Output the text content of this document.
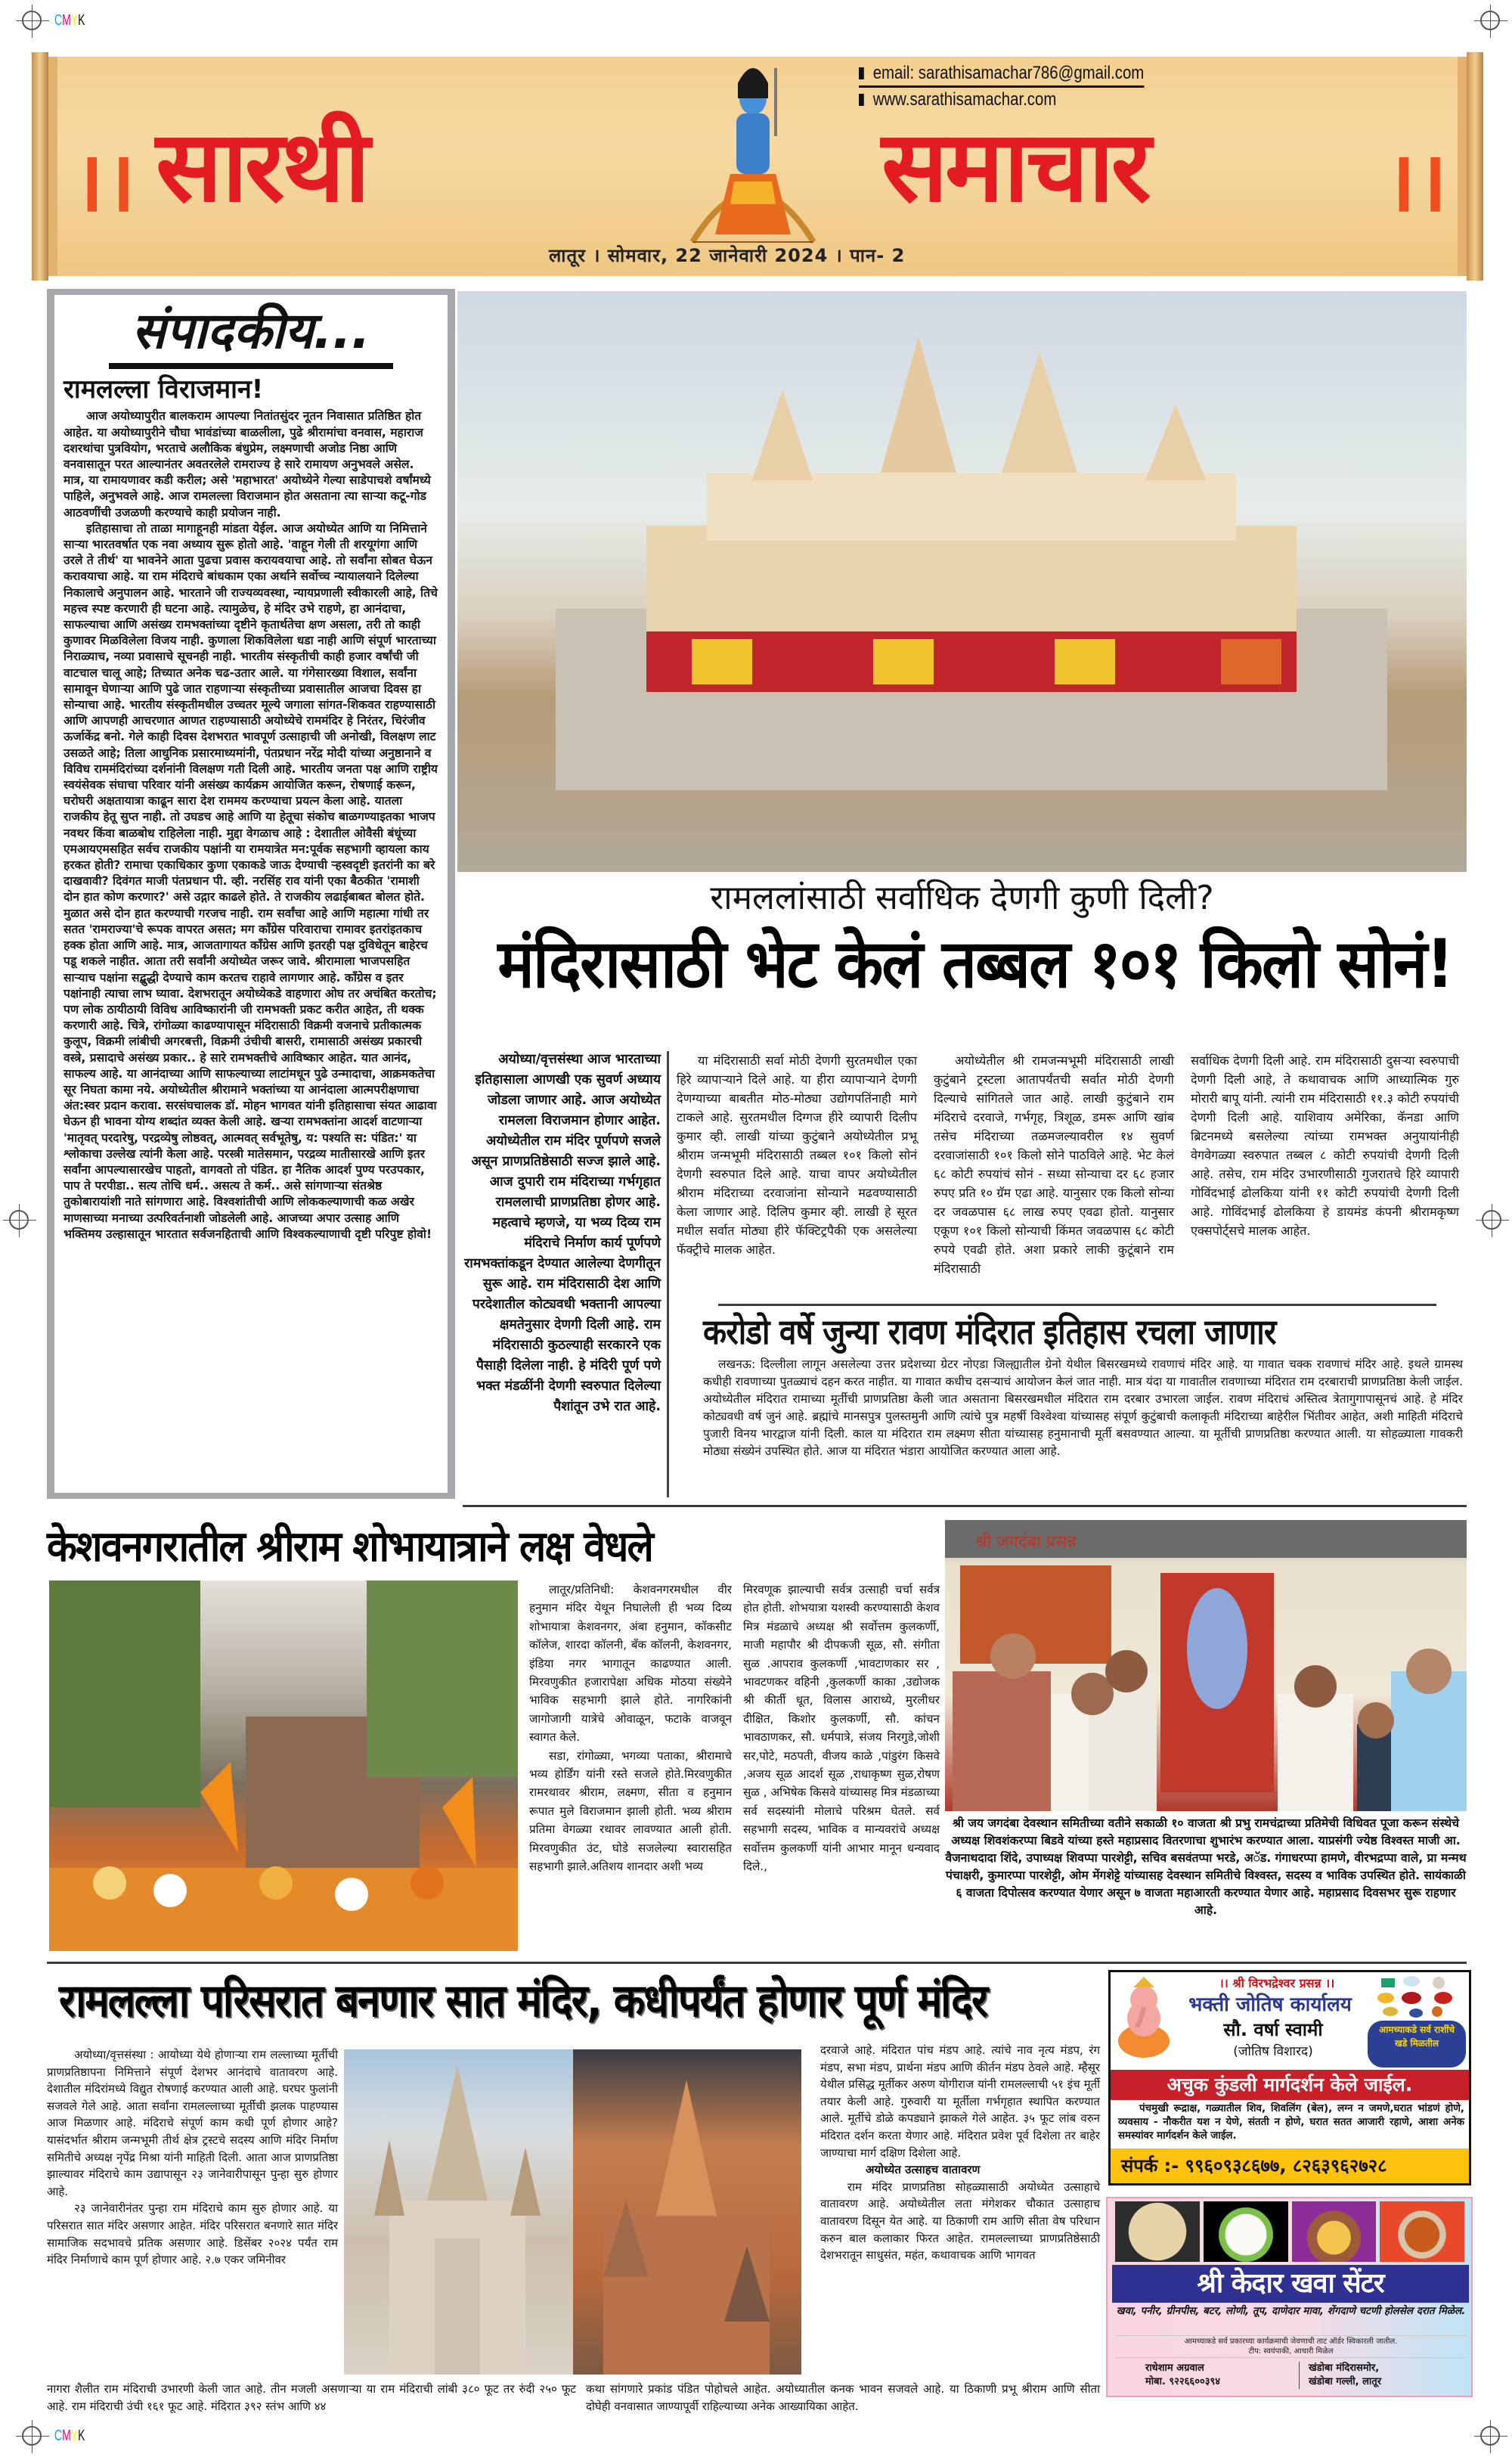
CMYK
CMYK
।। सारथी
email: sarathisamachar786@gmail.com
www.sarathisamachar.com
समाचार	।।
लातूर । सोमवार, 22 जानेवारी 2024 । पान- 2
संपादकीय...
रामलल्ला विराजमान!

आज अयोध्यापुरीत बालकराम आपल्या नितांतसुंदर नूतन निवासात प्रतिष्ठित होत आहेत. या अयोध्यापुरीने चौघा भावंडांच्या बाळलीला, पुढे श्रीरामांचा वनवास, महाराज दशरथांचा पुत्रवियोग, भरताचे अलौकिक बंधुप्रेम, लक्ष्मणाची अजोड निष्ठा आणि वनवासातून परत आल्यानंतर अवतरलेले रामराज्य हे सारे रामायण अनुभवले असेल. मात्र, या रामायणावर कडी करील; असे 'महाभारत' अयोध्येने गेल्या साडेपाचशे वर्षांमध्ये पाहिले, अनुभवले आहे. आज रामलल्ला विराजमान होत असताना त्या साऱ्या कटू-गोड आठवणींची उजळणी करण्याचे काही प्रयोजन नाही.

इतिहासाचा तो ताळा मागाहूनही मांडता येईल. आज अयोध्येत आणि या निमित्ताने साऱ्या भारतवर्षात एक नवा अध्याय सुरू होतो आहे. 'वाहून गेली ती शरयूगंगा आणि उरले ते तीर्थ' या भावनेने आता पुढचा प्रवास करायवयाचा आहे. तो सर्वांना सोबत घेऊन करावयाचा आहे. या राम मंदिराचे बांधकाम एका अर्थाने सर्वोच्च न्यायालयाने दिलेल्या निकालाचे अनुपालन आहे. भारताने जी राज्यव्यवस्था, न्यायप्रणाली स्वीकारली आहे, तिचे महत्त्व स्पष्ट करणारी ही घटना आहे. त्यामुळेच, हे मंदिर उभे राहणे, हा आनंदाचा, साफल्याचा आणि असंख्य रामभक्तांच्या दृष्टीने कृतार्थतेचा क्षण असला, तरी तो काही कुणावर मिळविलेला विजय नाही. कुणाला शिकविलेला धडा नाही आणि संपूर्ण भारताच्या निराळ्याच, नव्या प्रवासाचे सूचनही नाही. भारतीय संस्कृतीची काही हजार वर्षांची जी वाटचाल चालू आहे; तिच्यात अनेक चढ-उतार आले. या गंगेसारख्या विशाल, सर्वांना सामावून घेणाऱ्या आणि पुढे जात राहणाऱ्या संस्कृतीच्या प्रवासातील आजचा दिवस हा सोन्याचा आहे. भारतीय संस्कृतीमधील उच्चतर मूल्ये जगाला सांगत-शिकवत राहण्यासाठी आणि आपणही आचरणात आणत राहण्यासाठी अयोध्येचे राममंदिर हे निरंतर, चिरंजीव ऊर्जाकेंद्र बनो. गेले काही दिवस देशभरात भावपूर्ण उत्साहाची जी अनोखी, विलक्षण लाट उसळते आहे; तिला आधुनिक प्रसारमाध्यमांनी, पंतप्रधान नरेंद्र मोदी यांच्या अनुष्ठानाने व विविध राममंदिरांच्या दर्शनांनी विलक्षण गती दिली आहे. भारतीय जनता पक्ष आणि राष्ट्रीय स्वयंसेवक संघाचा परिवार यांनी असंख्य कार्यक्रम आयोजित करून, रोषणाई करून, घरोघरी अक्षतायात्रा काढून सारा देश राममय करण्याचा प्रयत्न केला आहे. यातला राजकीय हेतू सुप्त नाही. तो उघडच आहे आणि या हेतूचा संकोच बाळगण्याइतका भाजप नवथर किंवा बाळबोध राहिलेला नाही. मुद्दा वेगळाच आहे : देशातील ओवैसी बंधूंच्या एमआयएमसहित सर्वच राजकीय पक्षांनी या रामयात्रेत मन:पूर्वक सहभागी व्हायला काय हरकत होती? रामाचा एकाधिकार कुणा एकाकडे जाऊ देण्याची ऱ्हस्वदृष्टी इतरांनी का बरे दाखवावी? दिवंगत माजी पंतप्रधान पी. व्ही. नरसिंह राव यांनी एका बैठकीत 'रामाशी दोन हात कोण करणार?' असे उद्गार काढले होते. ते राजकीय लढाईबाबत बोलत होते. मुळात असे दोन हात करण्याची गरजच नाही. राम सर्वांचा आहे आणि महात्मा गांधी तर सतत 'रामराज्या'चे रूपक वापरत असत; मग काँग्रेस परिवाराचा रामावर इतरांइतकाच हक्क होता आणि आहे. मात्र, आजतागायत काँग्रेस आणि इतरही पक्ष दुविधेतून बाहेरच पडू शकले नाहीत. आता तरी सर्वांनी अयोध्येत जरूर जावे. श्रीरामाला भाजपसहित साऱ्याच पक्षांना सद्बुद्धी देण्याचे काम करतच राहावे लागणार आहे. काँग्रेस व इतर पक्षांनाही त्याचा लाभ घ्यावा. देशभरातून अयोध्येकडे वाहणारा ओघ तर अचंबित करतोच; पण लोक ठायीठायी विविध आविष्कारांनी जी रामभक्ती प्रकट करीत आहेत, ती थक्क करणारी आहे. चित्रे, रांगोळ्या काढण्यापासून मंदिरासाठी विक्रमी वजनाचे प्रतीकात्मक कुलूप, विक्रमी लांबीची अगरबत्ती, विक्रमी उंचीची बासरी, रामासाठी असंख्य प्रकारची वस्त्रे, प्रसादाचे असंख्य प्रकार.. हे सारे रामभक्तीचे आविष्कार आहेत. यात आनंद, साफल्य आहे. या आनंदाच्या आणि साफल्याच्या लाटांमधून पुढे उन्मादाचा, आक्रमकतेचा सूर निघता कामा नये. अयोध्येतील श्रीरामाने भक्तांच्या या आनंदाला आत्मपरीक्षणाचा अंत:स्वर प्रदान करावा. सरसंघचालक डॉ. मोहन भागवत यांनी इतिहासाचा संयत आढावा घेऊन ही भावना योग्य शब्दांत व्यक्त केली आहे. खऱ्या रामभक्तांना आदर्श वाटणाऱ्या 'मातृवत् परदारेषु, परद्रव्येषु लोष्ठवत्, आत्मवत् सर्वभूतेषु, य: पश्यति स: पंडित:' या श्लोकाचा उल्लेख त्यांनी केला आहे. परस्त्री मातेसमान, परद्रव्य मातीसारखे आणि इतर सर्वांना आपल्यासारखेच पाहतो, वागवतो तो पंडित. हा नैतिक आदर्श पुण्य परउपकार, पाप ते परपीडा.. सत्य तोचि धर्म.. असत्य ते कर्म.. असे सांगणाऱ्या संतश्रेष्ठ तुकोबारायांशी नाते सांगणारा आहे. विश्वशांतीची आणि लोककल्याणाची कळ अखेर माणसाच्या मनाच्या उत्परिवर्तनाशी जोडलेली आहे. आजच्या अपार उत्साह आणि भक्तिमय उल्हासातून भारतात सर्वजनहिताची आणि विश्वकल्याणाची दृष्टी परिपुष्ट होवो!

रामललांसाठी सर्वाधिक देणगी कुणी दिली?
मंदिरासाठी भेट केलं तब्बल १०१ किलो सोनं!
अयोध्या/वृत्तसंस्था आज भारताच्या इतिहासाला आणखी एक सुवर्ण अध्याय जोडला जाणार आहे. आज अयोध्येत रामलला विराजमान होणार आहेत. अयोध्येतील राम मंदिर पूर्णपणे सजले असून प्राणप्रतिष्ठेसाठी सज्ज झाले आहे. आज दुपारी राम मंदिराच्या गर्भगृहात रामललाची प्राणप्रतिष्ठा होणर आहे. महत्वाचे म्हणजे, या भव्य दिव्य राम मंदिराचे निर्माण कार्य पूर्णपणे रामभक्तांकडून देण्यात आलेल्या देणगीतून सुरू आहे. राम मंदिरासाठी देश आणि परदेशातील कोट्यवधी भक्तानी आपल्या क्षमतेनुसार देणगी दिली आहे. राम मंदिरासाठी कुठल्याही सरकारने एक पैसाही दिलेला नाही. हे मंदिरी पूर्ण पणे भक्त मंडळींनी देणगी स्वरुपात दिलेल्या पैशांतून उभे रात आहे.

या मंदिरासाठी सर्वा मोठी देणगी सुरतमधील एका हिरे व्यापाऱ्याने दिले आहे. या हीरा व्यापाऱ्याने देणगी देणग्याच्या बाबतीत मोठ-मोठ्या उद्योगपतिंनाही मागे टाकले आहे. सुरतमधील दिग्गज हीरे व्यापारी दिलीप कुमार व्ही. लाखी यांच्या कुटुंबाने अयोध्येतील प्रभू श्रीराम जन्मभूमी मंदिरासाठी तब्बल १०१ किलो सोनं देणगी स्वरुपात दिले आहे. याचा वापर अयोध्येतील श्रीराम मंदिराच्या दरवाजांना सोन्याने मढवण्यासाठी केला जाणार आहे. दिलिप कुमार व्ही. लाखी हे सूरत मधील सर्वात मोठ्या हीरे फॅक्टिट्रपैकी एक असलेल्या फॅक्ट्रीचे मालक आहेत.

अयोध्येतील श्री रामजन्मभूमी मंदिरासाठी लाखी कुटुंबाने ट्रस्टला आतापर्यंतची सर्वात मोठी देणगी दिल्याचे सांगितले जात आहे. लाखी कुटुंबाने राम मंदिराचे दरवाजे, गर्भगृह, त्रिशूळ, डमरू आणि खांब तसेच मंदिराच्या तळमजल्यावरील १४ सुवर्ण दरवाजांसाठी १०१ किलो सोने पाठविले आहे. भेट केलं ६८ कोटी रुपयांचं सोनं - सध्या सोन्याचा दर ६८ हजार रुपए प्रति १० ग्रॅम एढा आहे. यानुसार एक किलो सोन्या दर जवळपास ६८ लाख रुपए एवढा होतो. यानुसार एकूण १०१ किलो सोन्याची किंमत जवळपास ६८ कोटी रुपये एवढी होते. अशा प्रकारे लाकी कुटूंबाने राम मंदिरासाठी

सर्वाधिक देणगी दिली आहे. राम मंदिरासाठी दुसऱ्या स्वरुपाची देणगी दिली आहे, ते कथावाचक आणि आध्यात्मिक गुरु मोरारी बापू यांनी. त्यांनी राम मंदिरासाठी ११.३ कोटी रुपयांची देणगी दिली आहे. याशिवाय अमेरिका, कॅनडा आणि ब्रिटनमध्ये बसलेल्या त्यांच्या रामभक्त अनुयायांनीही वेगवेगळ्या स्वरुपात तब्बल ८ कोटी रुपयांची देणगी दिली आहे. तसेच, राम मंदिर उभारणीसाठी गुजरातचे हिरे व्यापारी गोविंदभाई ढोलकिया यांनी ११ कोटी रुपयांची देणगी दिली आहे. गोविंदभाई ढोलकिया हे डायमंड कंपनी श्रीरामकृष्ण एक्सपोर्ट्सचे मालक आहेत.

करोडो वर्षे जुन्या रावण मंदिरात इतिहास रचला जाणार
लखनऊ: दिल्लीला लागून असलेल्या उत्तर प्रदेशच्या ग्रेटर नोएडा जिल्ह्यातील ग्रेनो येथील बिसरखमध्ये रावणाचं मंदिर आहे. या गावात चक्क रावणाचं मंदिर आहे. इथले ग्रामस्थ कधीही रावणाच्या पुतळ्याचं दहन करत नाहीत. या गावात कधीच दसऱ्याचं आयोजन केलं जात नाही. मात्र यंदा या गावातील रावणाच्या मंदिरात राम दरबाराची प्राणप्रतिष्ठा केली जाईल. अयोध्येतील मंदिरात रामाच्या मूर्तीची प्राणप्रतिष्ठा केली जात असताना बिसरखमधील मंदिरात राम दरबार उभारला जाईल. रावण मंदिराचं अस्तित्व त्रेतागुगापासूनचं आहे. हे मंदिर कोट्यवधी वर्ष जुनं आहे. ब्रह्मांचे मानसपुत्र पुलस्तमुनी आणि त्यांचे पुत्र महर्षी विश्वेश्वा यांच्यासह संपूर्ण कुटुंबाची कलाकृती मंदिराच्या बाहेरील भिंतीवर आहेत, अशी माहिती मंदिराचे पुजारी विनय भारद्वाज यांनी दिली. काल या मंदिरात राम लक्ष्मण सीता यांच्यासह हनुमानाची मूर्ती बसवण्यात आल्या. या मूर्तीची प्राणप्रतिष्ठा करण्यात आली. या सोहळ्याला गावकरी मोठ्या संख्येनं उपस्थित होते. आज या मंदिरात भंडारा आयोजित करण्यात आला आहे.
केशवनगरातील श्रीराम शोभायात्राने लक्ष वेधले

लातूर/प्रतिनिधी: केशवनगरमधील वीर हनुमान मंदिर येथून निघालेली ही भव्य दिव्य शोभायात्रा केशवनगर, अंबा हनुमान, कॉकसीट कॉलेज, शारदा कॉलनी, बँक कॉलनी, केशवनगर, इंडिया नगर भागातून काढण्यात आली. मिरवणुकीत हजारापेक्षा अधिक मोठया संख्येने भाविक सहभागी झाले होते. नागरिकांनी जागोजागी यात्रेचे ओवाळून, फटाके वाजवून स्वागत केले.

सडा, रांगोळ्या, भगव्या पताका, श्रीरामाचे भव्य होर्डिंग यांनी रस्ते सजले होते.मिरवणुकीत रामरथावर श्रीराम, लक्ष्मण, सीता व हनुमान रूपात मुले विराजमान झाली होती. भव्य श्रीराम प्रतिमा वेगळ्या रथावर लावण्यात आली होती. मिरवणुकीत उंट, घोडे सजलेल्या स्वारासहित सहभागी झाले.अतिशय शानदार अशी भव्य

मिरवणूक झाल्याची सर्वत्र उत्साही चर्चा सर्वत्र होत होती. शोभयात्रा यशस्वी करण्यासाठी केशव मित्र मंडळाचे अध्यक्ष श्री सर्वोत्तम कुलकर्णी, माजी महापौर श्री दीपकजी सूळ, सौ. संगीता सुळ .आपराव कुलकर्णी ,भावटाणकार सर , भावटणकर वहिनी ,कुलकर्णी काका ,उद्योजक श्री कीर्ती धूत, विलास आराध्ये, मुरलीधर दीक्षित, किशोर कुलकर्णी, सौ. कांचन भावठाणकर, सौ. धर्मपात्रे, संजय निरगुडे,जोशी सर,पोटे, मठपती, वीजय काळे ,पांडुरंग किसवे ,अजय सूळ आदर्श सूळ ,राधाकृष्ण सुळ,रोषण सुळ , अभिषेक किसवे यांच्यासह मित्र मंडळाच्या सर्व सदस्यांनी मोलाचे परिश्रम घेतले. सर्व सहभागी सदस्य, भाविक व मान्यवरांचे अध्यक्ष सर्वोत्तम कुलकर्णी यांनी आभार मानून धन्यवाद दिले.,

श्री जगदंबा प्रसन्न
श्री जय जगदंबा देवस्थान समितीच्या वतीने सकाळी १० वाजता श्री प्रभु रामचंद्राच्या प्रतिमेची विधिवत पूजा करून संस्थेचे अध्यक्ष शिवशंकरप्पा बिडवे यांच्या हस्ते महाप्रसाद वितरणाचा शुभारंभ करण्यात आला. याप्रसंगी ज्येष्ठ विश्वस्त माजी आ. वैजनाथदादा शिंदे, उपाध्यक्ष शिवप्पा पारशेट्टी, सचिव बसवंतप्पा भरडे, अॅड. गंगाधरप्पा हामणे, वीरभद्रप्पा वाले, प्रा मन्मथ पंचाक्षरी, कुमारप्पा पारशेट्टी, ओम मेंगशेट्टे यांच्यासह देवस्थान समितीचे विश्वस्त, सदस्य व भाविक उपस्थित होते. सायंकाळी ६ वाजता दिपोत्सव करण्यात येणार असून ७ वाजता महाआरती करण्यात येणार आहे. महाप्रसाद दिवसभर सुरू राहणार आहे.
रामलल्ला परिसरात बनणार सात मंदिर, कधीपर्यंत होणार पूर्ण मंदिर

अयोध्या/वृत्तसंस्था : आयोध्या येथे होणाऱ्या राम लल्लाच्या मूर्तीची प्राणप्रतिष्ठापना निमित्ताने संपूर्ण देशभर आनंदाचे वातावरण आहे. देशातील मंदिरांमध्ये विद्युत रोषणाई करण्यात आली आहे. घरघर फुलांनी सजवले गेले आहे. आता सर्वांना रामलल्लाच्या मूर्तीची झलक पाहण्यास आज मिळणार आहे. मंदिराचे संपूर्ण काम कधी पूर्ण होणार आहे? यासंदर्भात श्रीराम जन्मभूमी तीर्थ क्षेत्र ट्रस्टचे सदस्य आणि मंदिर निर्माण समितीचे अध्यक्ष नृपेंद्र मिश्रा यांनी माहिती दिली. आता आज प्राणप्रतिष्ठा झाल्यावर मंदिराचे काम उद्यापासून २३ जानेवारीपासून पुन्हा सुरु होणार आहे.

२३ जानेवारीनंतर पुन्हा राम मंदिराचे काम सुरु होणार आहे. या परिसरात सात मंदिर असणार आहेत. मंदिर परिसरात बनणारे सात मंदिर सामाजिक सदभावचे प्रतिक असणार आहे. डिसेंबर २०२४ पर्यंत राम मंदिर निर्माणाचे काम पूर्ण होणार आहे. २.७ एकर जमिनीवर

नागरा शैलीत राम मंदिराची उभारणी केली जात आहे. तीन मजली असणाऱ्या या राम मंदिराची लांबी ३८० फूट तर रुंदी २५० फूट आहे. राम मंदिराची उंची १६१ फूट आहे. मंदिरात ३९२ स्तंभ आणि ४४

दरवाजे आहे. मंदिरात पांच मंडप आहे. त्यांचे नाव नृत्य मंडप, रंग मंडप, सभा मंडप, प्रार्थना मंडप आणि कीर्तन मंडप ठेवले आहे. म्हैसूर येथील प्रसिद्ध मूर्तीकर अरुण योगीराज यांनी रामलल्लाची ५१ इंच मूर्ती तयार केली आहे. गुरुवारी या मूर्तीला गर्भगृहात स्थापित करण्यात आले. मूर्तीचे डोळे कपड्याने झाकले गेले आहेत. ३५ फूट लांब वरुन मंदिरात दर्शन करता येणार आहे. मंदिरात प्रवेश पूर्व दिशेला तर बाहेर जाण्याचा मार्ग दक्षिण दिशेला आहे.

अयोध्येत उत्साहच वातावरण

राम मंदिर प्राणप्रतिष्ठा सोहळ्यासाठी अयोध्येत उत्साहाचे वातावरण आहे. अयोध्येतील लता मंगेशकर चौकात उत्साहाच वातावरण दिसून येत आहे. या ठिकाणी राम आणि सीता वेष परिधान करुन बाल कलाकार फिरत आहेत. रामलल्लाच्या प्राणप्रतिष्ठेसाठी देशभरातून साधुसंत, महंत, कथावाचक आणि भागवत

कथा सांगणारे प्रकांड पंडित पोहोचले आहेत. अयोध्यातील कनक भावन सजवले आहे. या ठिकाणी प्रभू श्रीराम आणि सीता दोघेही वनवासात जाण्यापूर्वी राहिल्याच्या अनेक आख्यायिका आहेत.
।। श्री विरभद्रेश्वर प्रसन्न ।।
भक्ती जोतिष कार्यालय
सौ. वर्षा स्वामी
(जोतिष विशारद)
आमच्याकडे सर्व राशींचे खडे मिळतील
अचुक कुंडली मार्गदर्शन केले जाईल.
पंचमुखी रूद्राक्ष, गळ्यातील शिव, शिवलिंग (बेल), लग्न न जमणे,घरात भांडणं होणे, व्यवसाय - नौकरीत यश न येणे, संतती न होणे, घरात सतत आजारी रहाणे, आशा अनेक समस्यांवर मार्गदर्शन केले जाईल.
संपर्क :- ९९६०९३८६७७, ८२६३९६२७२८
श्री केदार खवा सेंटर
खवा, पनीर, ग्रीनपीस, बटर, लोणी, तूप, दाणेदार मावा, शेंगदाणे चटणी होलसेल दरात मिळेल.
आमच्याकडे सर्व प्रकारच्या कार्यक्रमाची जेवणाची ताट ऑर्डर स्विकारली जातील.
टीप: स्वयंपाकी, आचारी मिळेल
राधेशाम अग्रवाल
मोबा. ९२२६६००३९४
खंडोबा मंदिरासमोर,
खंडोबा गल्ली, लातूर
